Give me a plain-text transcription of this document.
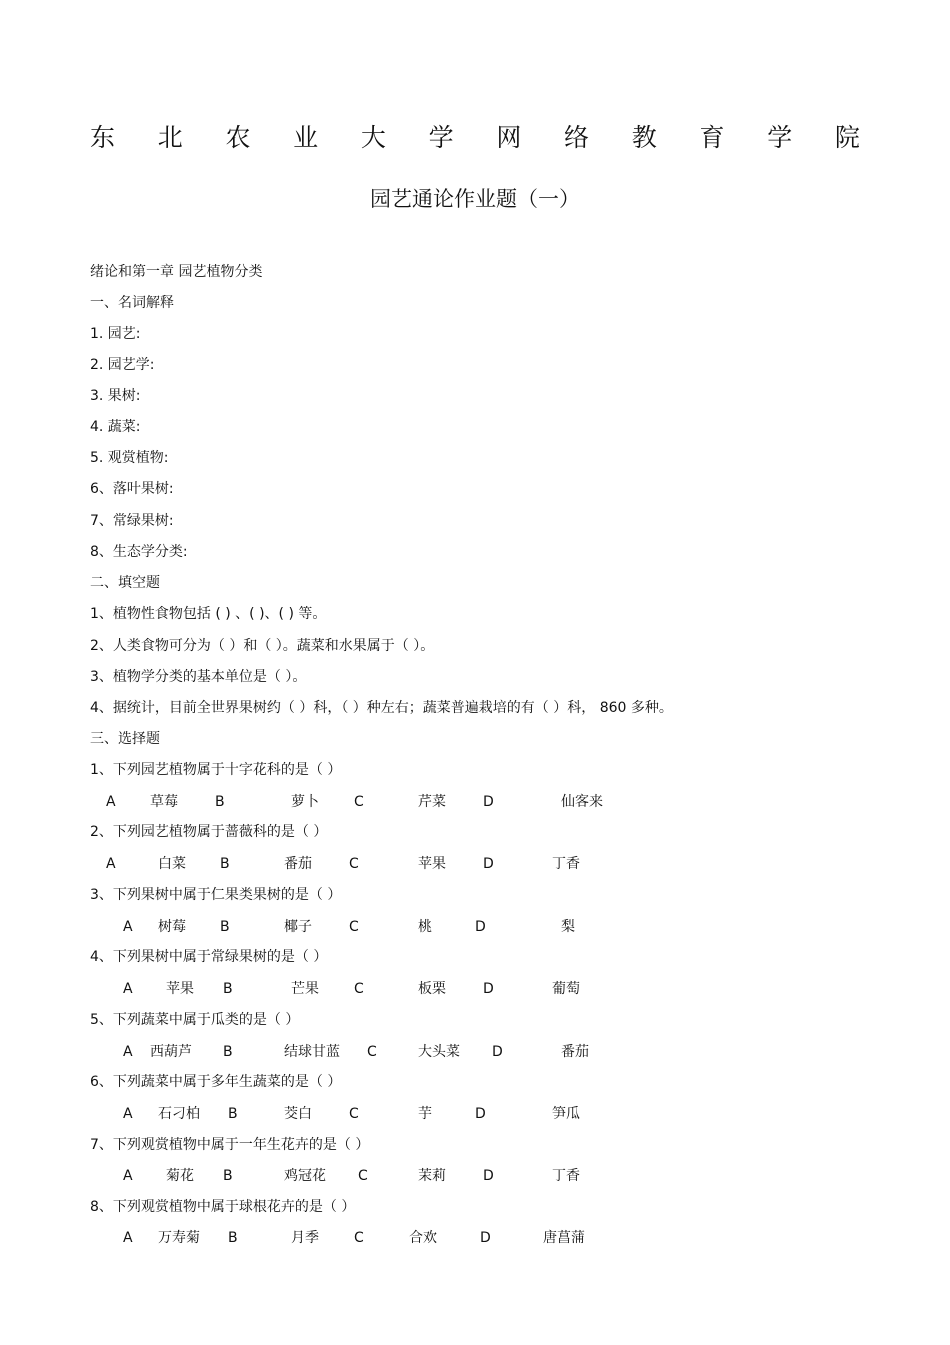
东 北 农 业 大 学 网 络 教 育 学 院
园艺通论作业题（一）
绪论和第一章 园艺植物分类
一、名词解释
1. 园艺:
2. 园艺学:
3. 果树:
4. 蔬菜:
5. 观赏植物:
6、落叶果树:
7、常绿果树:
8、生态学分类:
二、填空题
1、植物性食物包括 ( ) 、( )、( ) 等。
2、人类食物可分为（ ）和（ ）。蔬菜和水果属于（ ）。
3、植物学分类的基本单位是（ ）。
4、据统计，目前全世界果树约（ ）科，（ ）种左右；蔬菜普遍栽培的有（ ）科， 860 多种。
三、选择题
1、下列园艺植物属于十字花科的是（ ）
A 草莓	B	萝卜	C	芹菜	D	仙客来
2、下列园艺植物属于蔷薇科的是（ ）
A	白菜 B	番茄	C	苹果	D	丁香
3、下列果树中属于仁果类果树的是（ ）
A 树莓 B	椰子	C	桃	D	梨
4、下列果树中属于常绿果树的是（ ）
A 苹果 B	芒果	C	板栗	D	葡萄
5、下列蔬菜中属于瓜类的是（ ）
A 西葫芦 B	结球甘蓝 C	大头菜 D	番茄
6、下列蔬菜中属于多年生蔬菜的是（ ）
A 石刁柏 B	茭白	C	芋	D	笋瓜
7、下列观赏植物中属于一年生花卉的是（ ）
A 菊花 B	鸡冠花 C	茉莉	D	丁香
8、下列观赏植物中属于球根花卉的是（ ）
A 万寿菊 B	月季	C	合欢	D	唐菖蒲
